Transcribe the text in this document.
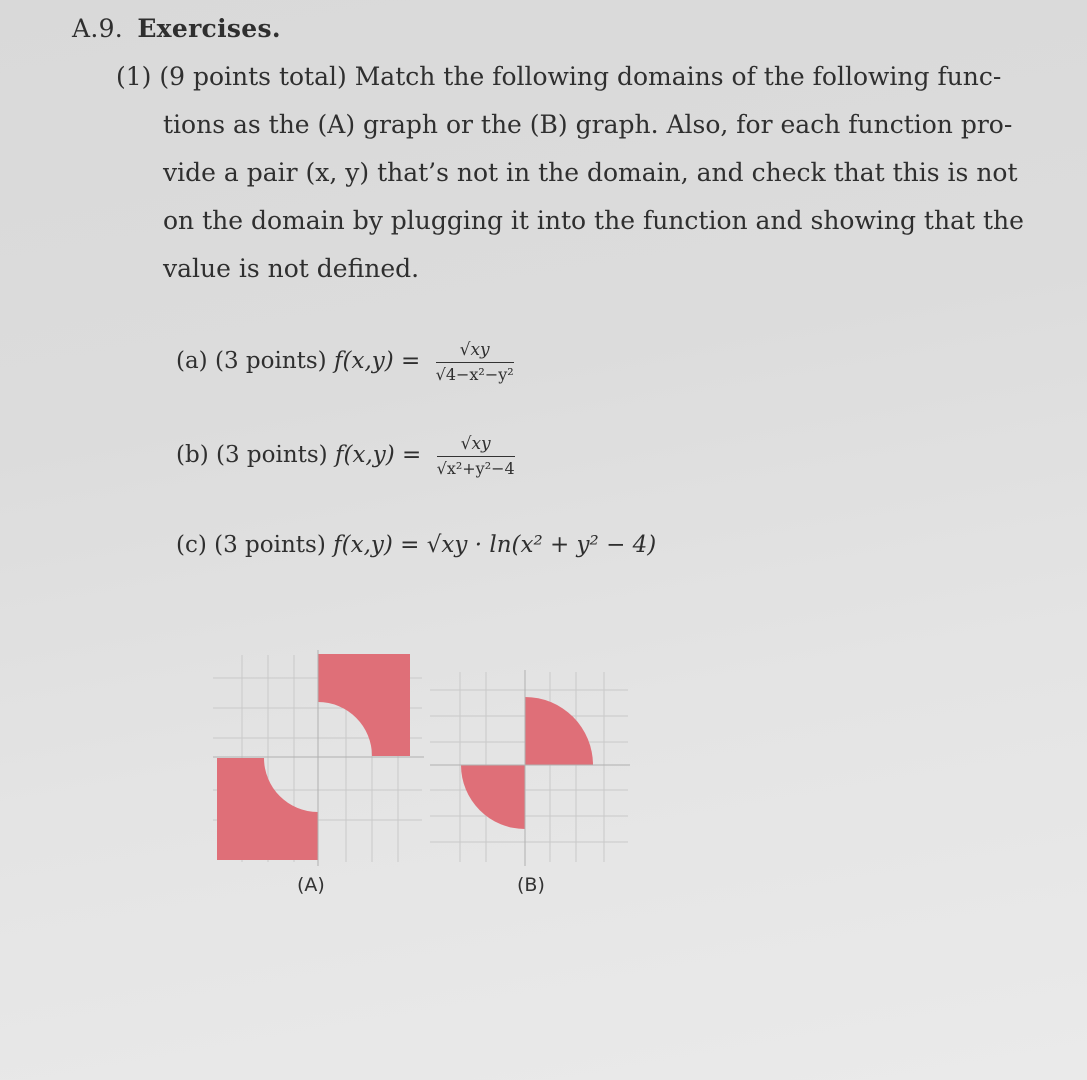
A.9. Exercises.
(1) (9 points total) Match the following domains of the following func-
tions as the (A) graph or the (B) graph. Also, for each function pro-
vide a pair (x, y) that’s not in the domain, and check that this is not
on the domain by plugging it into the function and showing that the
value is not defined.
(a) (3 points) $f(x,y) = \frac{√xy}{\text{√4−x²−y²}}$
(b) (3 points) $f(x,y) = \frac{√xy}{\text{√x²+y²−4}}$
(c) (3 points) f(x,y) = √xy · ln(x² + y² − 4)
(A)	(B)
